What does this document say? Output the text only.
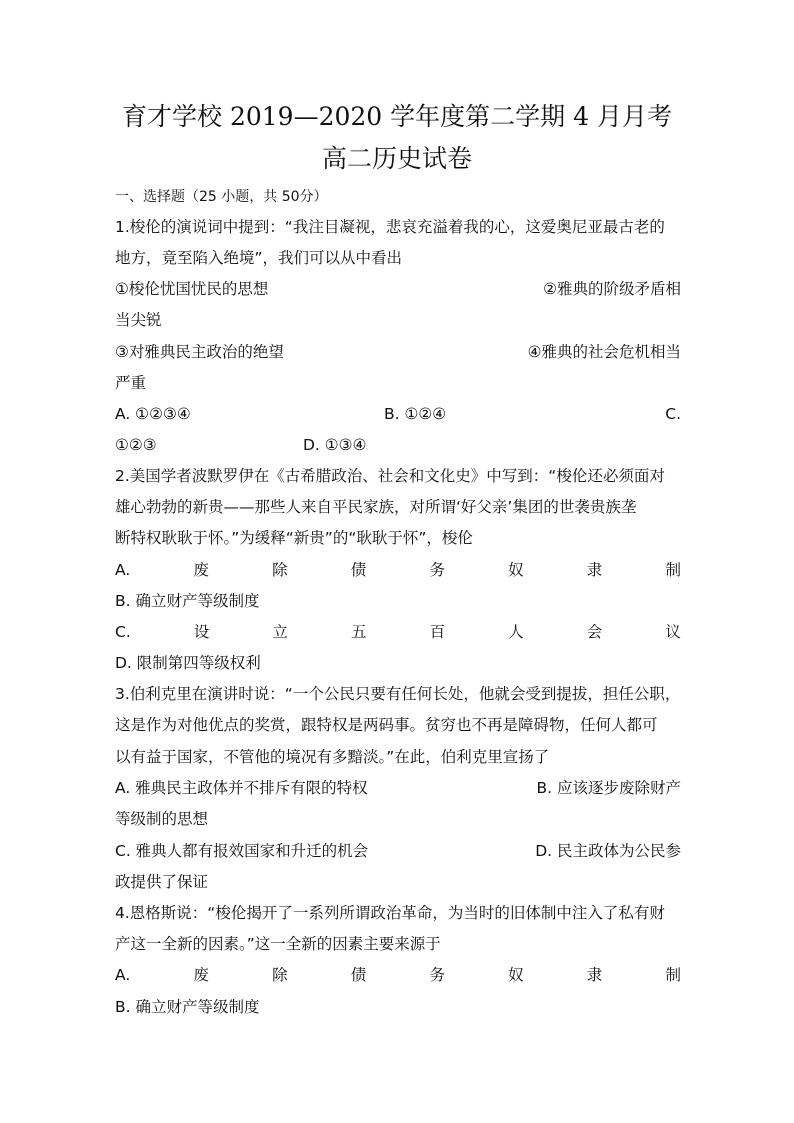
育才学校 2019—2020 学年度第二学期 4 月月考
高二历史试卷
一、选择题（25 小题，共 50分）
1.梭伦的演说词中提到：“我注目凝视，悲哀充溢着我的心，这爱奥尼亚最古老的
地方，竟至陷入绝境”，我们可以从中看出
①梭伦忧国忧民的思想	②雅典的阶级矛盾相
当尖锐
③对雅典民主政治的绝望	④雅典的社会危机相当
严重
A. ①②③④	B. ①②④	C.
①②③	D. ①③④
2.美国学者波默罗伊在《古希腊政治、社会和文化史》中写到：“梭伦还必须面对
雄心勃勃的新贵——那些人来自平民家族，对所谓‘好父亲’集团的世袭贵族垄
断特权耿耿于怀。”为缓释“新贵”的“耿耿于怀”，梭伦
A.	废	除	债	务	奴	隶	制
B. 确立财产等级制度
C.	设	立	五	百	人	会	议
D. 限制第四等级权利
3.伯利克里在演讲时说：“一个公民只要有任何长处，他就会受到提拔，担任公职，
这是作为对他优点的奖赏，跟特权是两码事。贫穷也不再是障碍物，任何人都可
以有益于国家，不管他的境况有多黯淡。”在此，伯利克里宣扬了
A. 雅典民主政体并不排斥有限的特权	B. 应该逐步废除财产
等级制的思想
C. 雅典人都有报效国家和升迁的机会	D. 民主政体为公民参
政提供了保证
4.恩格斯说：“梭伦揭开了一系列所谓政治革命，为当时的旧体制中注入了私有财
产这一全新的因素。”这一全新的因素主要来源于
A.	废	除	债	务	奴	隶	制
B. 确立财产等级制度
